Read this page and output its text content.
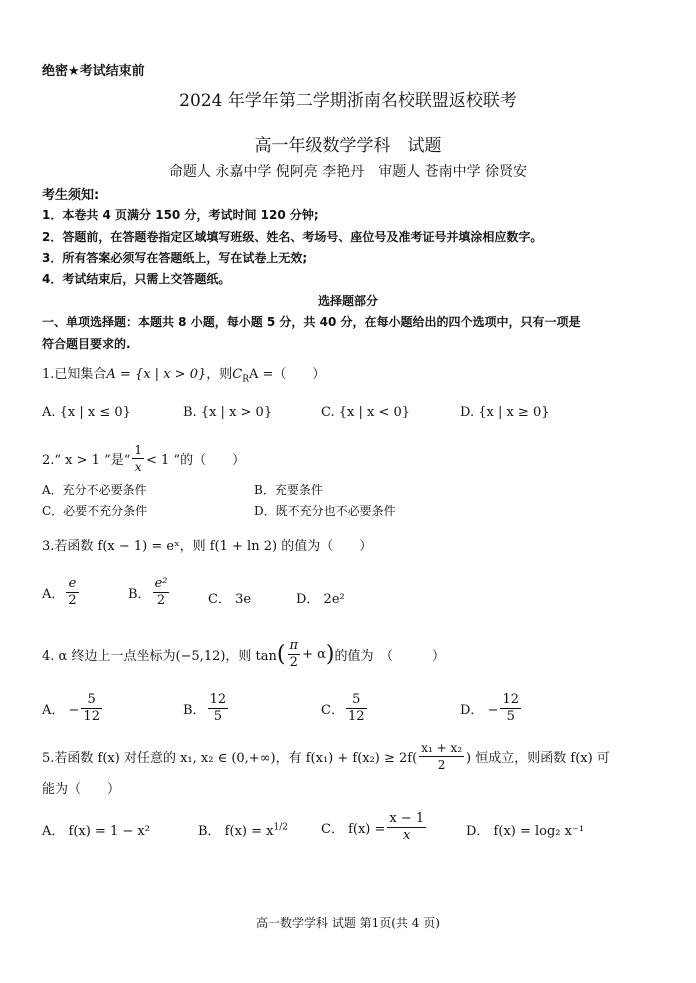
绝密★考试结束前
2024 年学年第二学期浙南名校联盟返校联考
高一年级数学学科　试题
命题人 永嘉中学 倪阿亮 李艳丹　审题人 苍南中学 徐贤安
考生须知:
1．本卷共 4 页满分 150 分，考试时间 120 分钟;
2．答题前，在答题卷指定区域填写班级、姓名、考场号、座位号及准考证号并填涂相应数字。
3．所有答案必须写在答题纸上，写在试卷上无效;
4．考试结束后，只需上交答题纸。
选择题部分
一、单项选择题：本题共 8 小题，每小题 5 分，共 40 分，在每小题给出的四个选项中，只有一项是
符合题目要求的.
1.已知集合A = {x | x > 0}，则$C_RA$ =（　　）
A. {x | x ≤ 0}	B. {x | x > 0}	C. {x | x < 0}	D. {x | x ≥ 0}
2.“ x > 1 ”是“ $\frac{1}{x} < 1$ ”的（　　）
A．充分不必要条件	B．充要条件
C．必要不充分条件	D．既不充分也不必要条件
3.若函数 f(x − 1) = eˣ，则 f(1 + ln 2) 的值为（　　）
A． $\frac{e}{2}$	B． $\frac{\text{e²}}{2}$	C． 3e	D． 2e²
4. α 终边上一点坐标为(−5,12)，则 $\tan( \frac{\pi}{2} + \alpha)$的值为　（　　　）
A． − $\frac{5}{12}$	B． $\frac{12}{5}$	C． $\frac{5}{12}$	D． − $\frac{12}{5}$
5.若函数 f(x) 对任意的 x₁, x₂ ∈ (0,+∞)，有 $f(x_1) + f(x_2) \ge 2f( \frac{\text{x₁ + x₂}}{2}$ ) 恒成立，则函数 f(x) 可
能为（　　）
A． f(x) = 1 − x²	B． $f(x) = x^{1/2}$	C． $f(x) = \frac{x - 1}{x}$	D． f(x) = log₂ x⁻¹
高一数学学科 试题 第1页(共 4 页)
